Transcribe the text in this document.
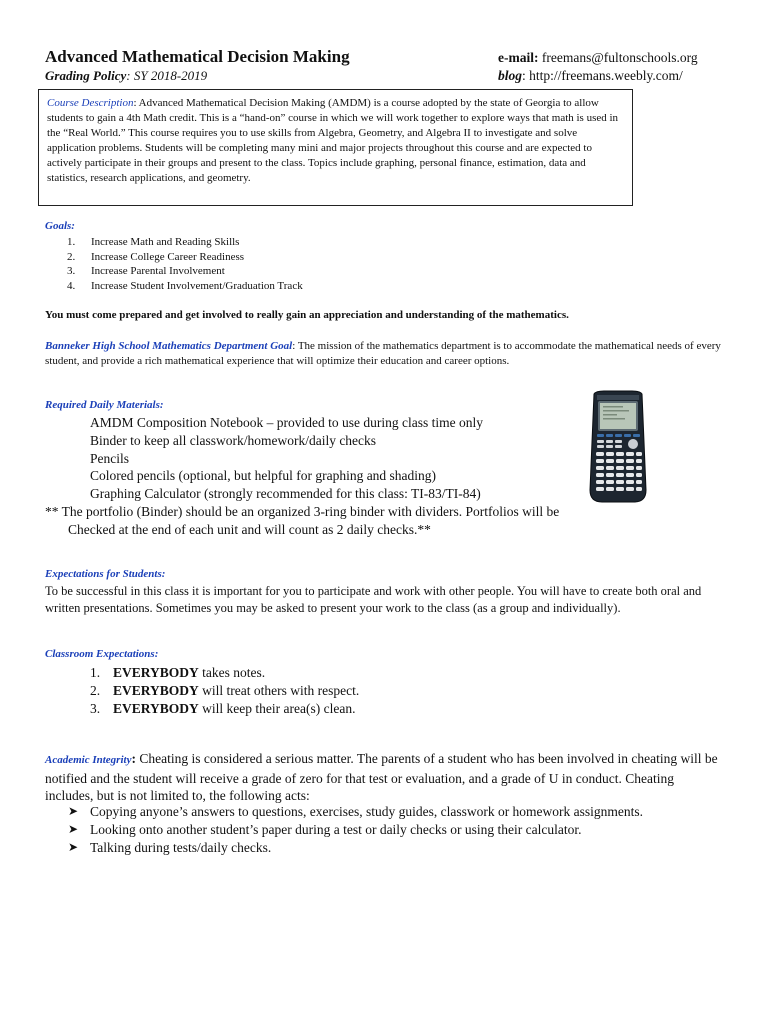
Advanced Mathematical Decision Making
Grading Policy: SY 2018-2019
e-mail: freemans@fultonschools.org
blog: http://freemans.weebly.com/
Course Description: Advanced Mathematical Decision Making (AMDM) is a course adopted by the state of Georgia to allow students to gain a 4th Math credit. This is a “hand-on” course in which we will work together to explore ways that math is used in the “Real World.” This course requires you to use skills from Algebra, Geometry, and Algebra II to investigate and solve application problems. Students will be completing many mini and major projects throughout this course and are expected to actively participate in their groups and present to the class. Topics include graphing, personal finance, estimation, data and statistics, research applications, and geometry.
Goals:
1.	Increase Math and Reading Skills
2.	Increase College Career Readiness
3.	Increase Parental Involvement
4.	Increase Student Involvement/Graduation Track
You must come prepared and get involved to really gain an appreciation and understanding of the mathematics.
Banneker High School Mathematics Department Goal: The mission of the mathematics department is to accommodate the mathematical needs of every student, and provide a rich mathematical experience that will optimize their education and career options.
Required Daily Materials:
AMDM Composition Notebook – provided to use during class time only
Binder to keep all classwork/homework/daily checks
Pencils
Colored pencils (optional, but helpful for graphing and shading)
Graphing Calculator (strongly recommended for this class: TI-83/TI-84)
** The portfolio (Binder) should be an organized 3-ring binder with dividers. Portfolios will be
Checked at the end of each unit and will count as 2 daily checks.**
Expectations for Students:
To be successful in this class it is important for you to participate and work with other people. You will have to create both oral and written presentations. Sometimes you may be asked to present your work to the class (as a group and individually).
Classroom Expectations:
1. EVERYBODY takes notes.
2. EVERYBODY will treat others with respect.
3. EVERYBODY will keep their area(s) clean.
Academic Integrity: Cheating is considered a serious matter. The parents of a student who has been involved in cheating will be notified and the student will receive a grade of zero for that test or evaluation, and a grade of U in conduct. Cheating includes, but is not limited to, the following acts:
➤ Copying anyone’s answers to questions, exercises, study guides, classwork or homework assignments.
➤ Looking onto another student’s paper during a test or daily checks or using their calculator.
➤ Talking during tests/daily checks.
